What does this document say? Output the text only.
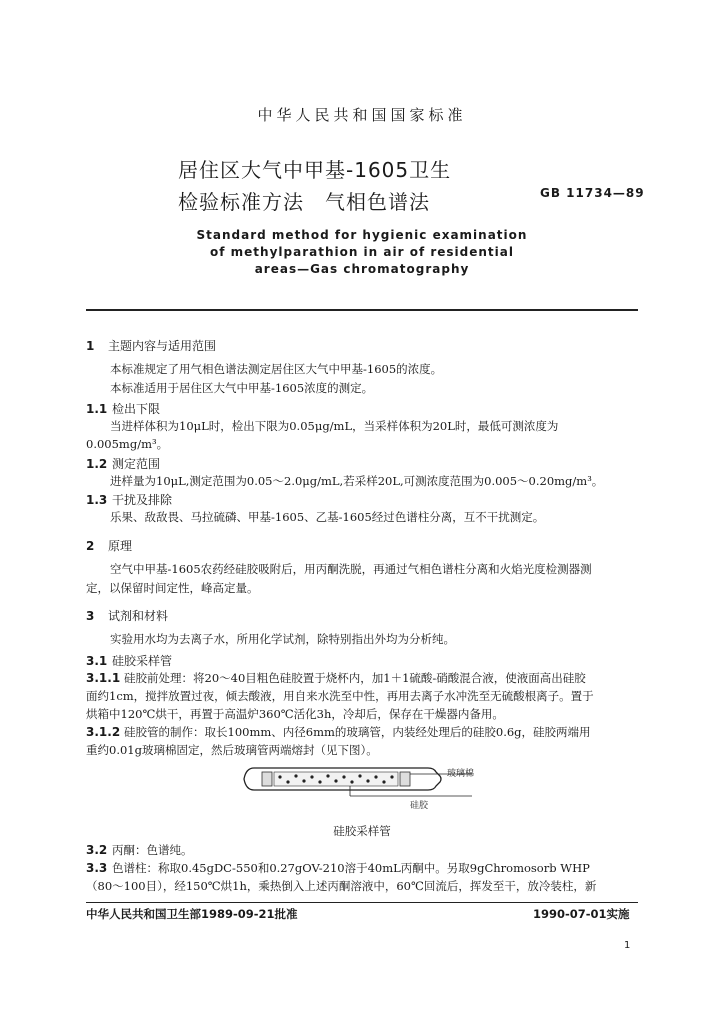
中华人民共和国国家标准
居住区大气中甲基-1605卫生
检验标准方法　气相色谱法	GB 11734—89
Standard method for hygienic examination
of methylparathion in air of residential
areas—Gas chromatography
1 主题内容与适用范围
本标准规定了用气相色谱法测定居住区大气中甲基-1605的浓度。
本标准适用于居住区大气中甲基-1605浓度的测定。
1.1 检出下限
当进样体积为10μL时，检出下限为0.05μg/mL，当采样体积为20L时，最低可测浓度为
0.005mg/m³。
1.2 测定范围
进样量为10μL,测定范围为0.05～2.0μg/mL,若采样20L,可测浓度范围为0.005～0.20mg/m³。
1.3 干扰及排除
乐果、敌敌畏、马拉硫磷、甲基-1605、乙基-1605经过色谱柱分离，互不干扰测定。
2 原理
空气中甲基-1605农药经硅胶吸附后，用丙酮洗脱，再通过气相色谱柱分离和火焰光度检测器测
定，以保留时间定性，峰高定量。
3 试剂和材料
实验用水均为去离子水，所用化学试剂，除特别指出外均为分析纯。
3.1 硅胶采样管
3.1.1 硅胶前处理：将20～40目粗色硅胶置于烧杯内，加1＋1硫酸-硝酸混合液，使液面高出硅胶
面约1cm，搅拌放置过夜，倾去酸液，用自来水洗至中性，再用去离子水冲洗至无硫酸根离子。置于
烘箱中120℃烘干，再置于高温炉360℃活化3h，冷却后，保存在干燥器内备用。
3.1.2 硅胶管的制作：取长100mm、内径6mm的玻璃管，内装经处理后的硅胶0.6g，硅胶两端用
重约0.01g玻璃棉固定，然后玻璃管两端熔封（见下图）。
玻璃棉
硅胶
硅胶采样管
3.2 丙酮：色谱纯。
3.3 色谱柱：称取0.45gDC-550和0.27gOV-210溶于40mL丙酮中。另取9gChromosorb WHP
（80～100目），经150℃烘1h，乘热倒入上述丙酮溶液中，60℃回流后，挥发至干，放冷装柱，新
中华人民共和国卫生部1989-09-21批准	1990-07-01实施
1
